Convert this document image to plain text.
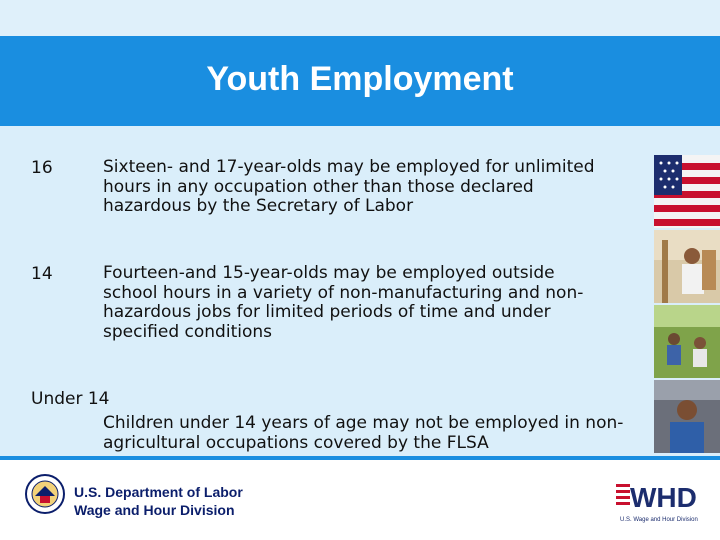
Youth Employment
16	Sixteen- and 17-year-olds may be employed for unlimited hours in any occupation other than those declared hazardous by the Secretary of Labor
14	Fourteen-and 15-year-olds may be employed outside school hours in a variety of non-manufacturing and non-hazardous jobs for limited periods of time and under specified conditions
Under 14
Children under 14 years of age may not be employed in non-agricultural occupations covered by the FLSA
U.S. Department of Labor
Wage and Hour Division	WHD
U.S. Wage and Hour Division
